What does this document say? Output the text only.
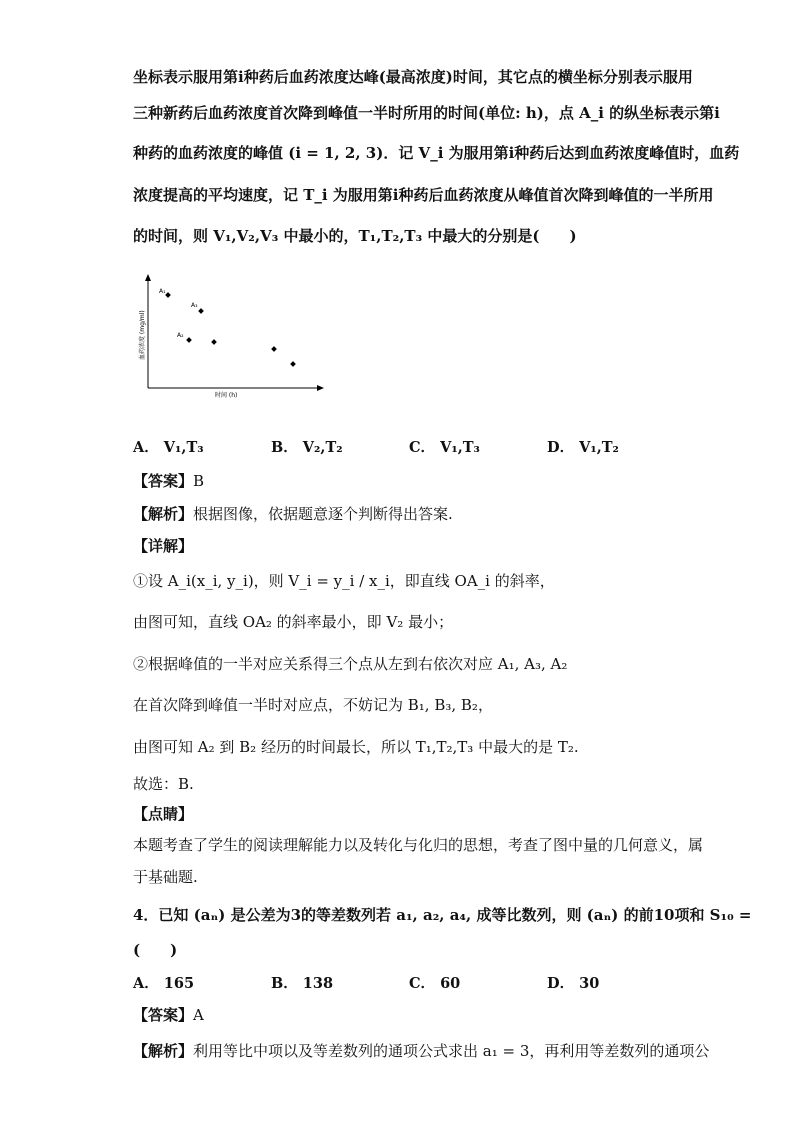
坐标表示服用第i种药后血药浓度达峰(最高浓度)时间，其它点的横坐标分别表示服用
三种新药后血药浓度首次降到峰值一半时所用的时间(单位: h)，点 A_i 的纵坐标表示第i
种药的血药浓度的峰值 (i = 1, 2, 3)．记 V_i 为服用第i种药后达到血药浓度峰值时，血药
浓度提高的平均速度，记 T_i 为服用第i种药后血药浓度从峰值首次降到峰值的一半所用
的时间，则 V₁,V₂,V₃ 中最小的，T₁,T₂,T₃ 中最大的分别是(　　)
血药浓度 (mg/ml)
时间 (h)
A₁
A₃
A₂
A． V₁,T₃	B． V₂,T₂	C． V₁,T₃	D． V₁,T₂
【答案】B
【解析】根据图像，依据题意逐个判断得出答案.
【详解】
①设 A_i(x_i, y_i)，则 V_i = y_i / x_i，即直线 OA_i 的斜率，
由图可知，直线 OA₂ 的斜率最小，即 V₂ 最小；
②根据峰值的一半对应关系得三个点从左到右依次对应 A₁, A₃, A₂
在首次降到峰值一半时对应点，不妨记为 B₁, B₃, B₂，
由图可知 A₂ 到 B₂ 经历的时间最长，所以 T₁,T₂,T₃ 中最大的是 T₂.
故选：B.
【点睛】
本题考查了学生的阅读理解能力以及转化与化归的思想，考查了图中量的几何意义，属
于基础题.
4．已知 (aₙ) 是公差为3的等差数列若 a₁, a₂, a₄, 成等比数列，则 (aₙ) 的前10项和 S₁₀ =
(　　)
A． 165	B． 138	C． 60	D． 30
【答案】A
【解析】利用等比中项以及等差数列的通项公式求出 a₁ = 3，再利用等差数列的通项公
